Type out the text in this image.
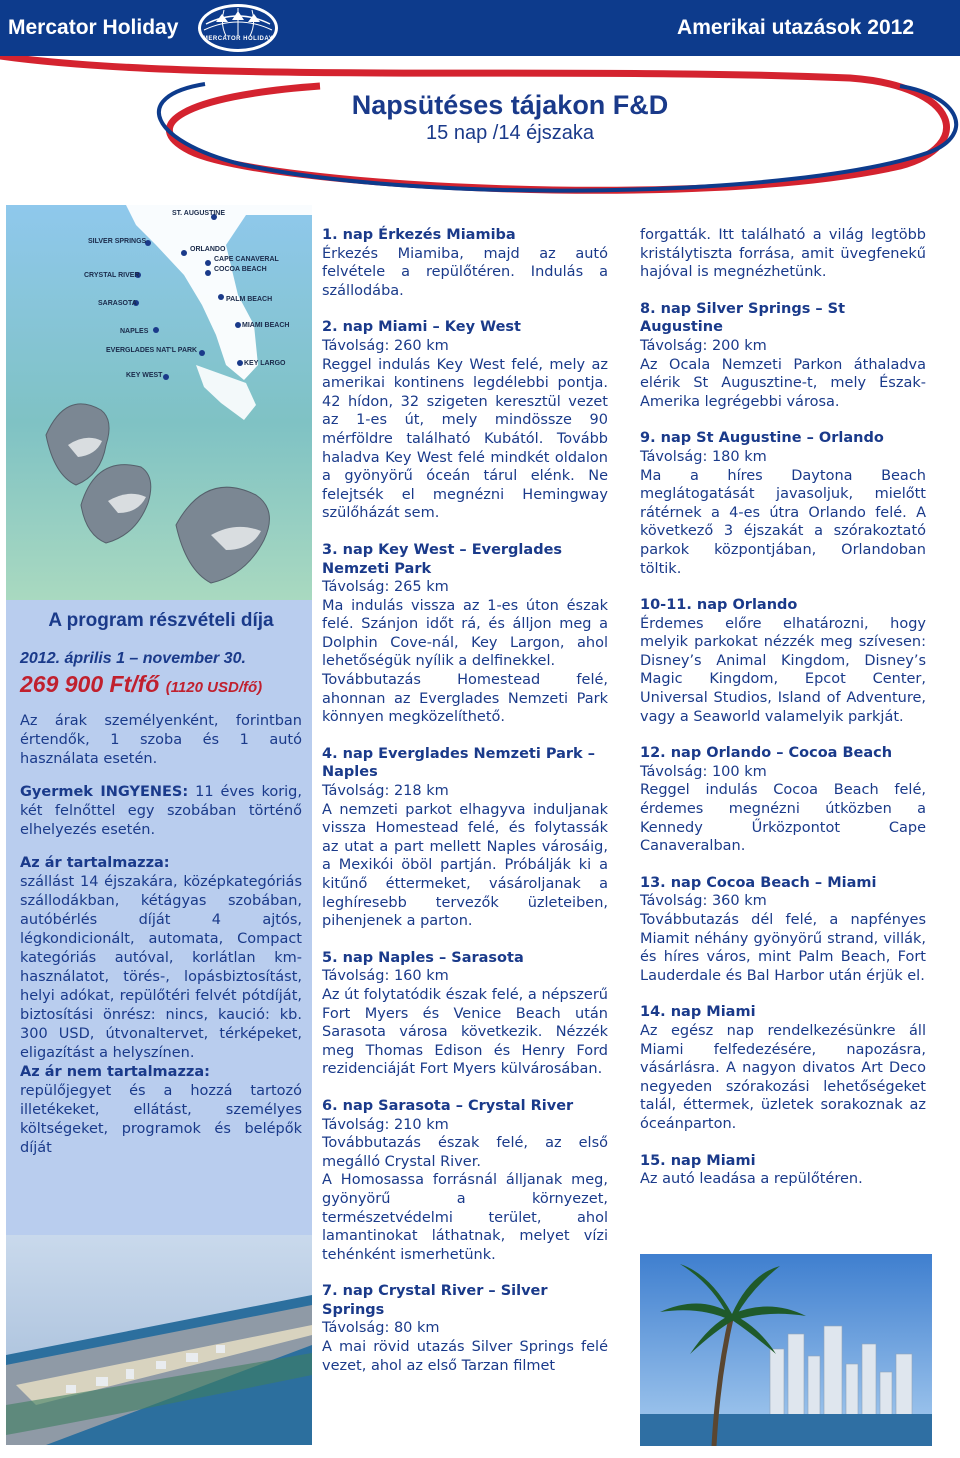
Mercator Holiday	MERCATOR HOLIDAY	Amerikai utazások 2012
Napsütéses tájakon F&D
15 nap /14 éjszaka
ST. AUGUSTINE
SILVER SPRINGS
ORLANDO
CRYSTAL RIVER
CAPE CANAVERAL
COCOA BEACH
SARASOTA
PALM BEACH
NAPLES
MIAMI BEACH
EVERGLADES NAT'L PARK
KEY LARGO
KEY WEST
A program részvételi díja
2012. április 1 – november 30.
269 900 Ft/fő (1120 USD/fő)

Az árak személyenként, forintban értendők, 1 szoba és 1 autó használata esetén.

Gyermek INGYENES: 11 éves korig, két felnőttel egy szobában történő elhelyezés esetén.

Az ár tartalmazza:
szállást 14 éjszakára, középkategóriás szállodákban, kétágyas szobában, autóbérlés díját 4 ajtós, légkondicionált, automata, Compact kategóriás autóval, korlátlan km-használatot, törés-, lopásbiztosítást, helyi adókat, repülőtéri felvét pótdíját, biztosítási önrész: nincs, kaució: kb. 300 USD, útvonaltervet, térképeket, eligazítást a helyszínen.
Az ár nem tartalmazza:
repülőjegyet és a hozzá tartozó illetékeket, ellátást, személyes költségeket, programok és belépők díját

1. nap Érkezés Miamiba

Érkezés Miamiba, majd az autó felvétele a repülőtéren. Indulás a szállodába.

2. nap Miami – Key West
Távolság: 260 km

Reggel indulás Key West felé, mely az amerikai kontinens legdélebbi pontja. 42 hídon, 32 szigeten keresztül vezet az 1-es út, mely mindössze 90 mérföldre található Kubától. Tovább haladva Key West felé mindkét oldalon a gyönyörű óceán tárul elénk. Ne felejtsék el megnézni Hemingway szülőházát sem.

3. nap Key West – Everglades Nemzeti Park
Távolság: 265 km

Ma indulás vissza az 1-es úton észak felé. Szánjon időt rá, és álljon meg a Dolphin Cove-nál, Key Largon, ahol lehetőségük nyílik a delfinekkel.

Továbbutazás Homestead felé, ahonnan az Everglades Nemzeti Park könnyen megközelíthető.

4. nap Everglades Nemzeti Park – Naples
Távolság: 218 km

A nemzeti parkot elhagyva induljanak vissza Homestead felé, és folytassák az utat a part mellett Naples városáig, a Mexikói öböl partján. Próbálják ki a kitűnő éttermeket, vásároljanak a leghíresebb tervezők üzleteiben, pihenjenek a parton.

5. nap Naples – Sarasota
Távolság: 160 km

Az út folytatódik észak felé, a népszerű Fort Myers és Venice Beach után Sarasota városa következik. Nézzék meg Thomas Edison és Henry Ford rezidenciáját Fort Myers külvárosában.

6. nap Sarasota – Crystal River
Távolság: 210 km

Továbbutazás észak felé, az első megálló Crystal River.

A Homosassa forrásnál álljanak meg, gyönyörű a környezet, természetvédelmi terület, ahol lamantinokat láthatnak, melyet vízi tehénként ismerhetünk.

7. nap Crystal River – Silver Springs
Távolság: 80 km

A mai rövid utazás Silver Springs felé vezet, ahol az első Tarzan filmet

forgatták. Itt található a világ legtöbb kristálytiszta forrása, amit üvegfenekű hajóval is megnézhetünk.

8. nap Silver Springs – St Augustine
Távolság: 200 km

Az Ocala Nemzeti Parkon áthaladva elérik St Augusztine-t, mely Észak-Amerika legrégebbi városa.

9. nap St Augustine – Orlando
Távolság: 180 km

Ma a híres Daytona Beach meglátogatását javasoljuk, mielőtt rátérnek a 4-es útra Orlando felé. A következő 3 éjszakát a szórakoztató parkok központjában, Orlandoban töltik.

10-11. nap Orlando

Érdemes előre elhatározni, hogy melyik parkokat nézzék meg szívesen: Disney’s Animal Kingdom, Disney’s Magic Kingdom, Epcot Center, Universal Studios, Island of Adventure, vagy a Seaworld valamelyik parkját.

12. nap Orlando – Cocoa Beach
Távolság: 100 km

Reggel indulás Cocoa Beach felé, érdemes megnézni útközben a Kennedy Űrközpontot Cape Canaveralban.

13. nap Cocoa Beach – Miami
Távolság: 360 km

Továbbutazás dél felé, a napfényes Miamit néhány gyönyörű strand, villák, és híres város, mint Palm Beach, Fort Lauderdale és Bal Harbor után érjük el.

14. nap Miami

Az egész nap rendelkezésünkre áll Miami felfedezésére, napozásra, vásárlásra. A nagyon divatos Art Deco negyeden szórakozási lehetőségeket talál, éttermek, üzletek sorakoznak az óceánparton.

15. nap Miami

Az autó leadása a repülőtéren.
